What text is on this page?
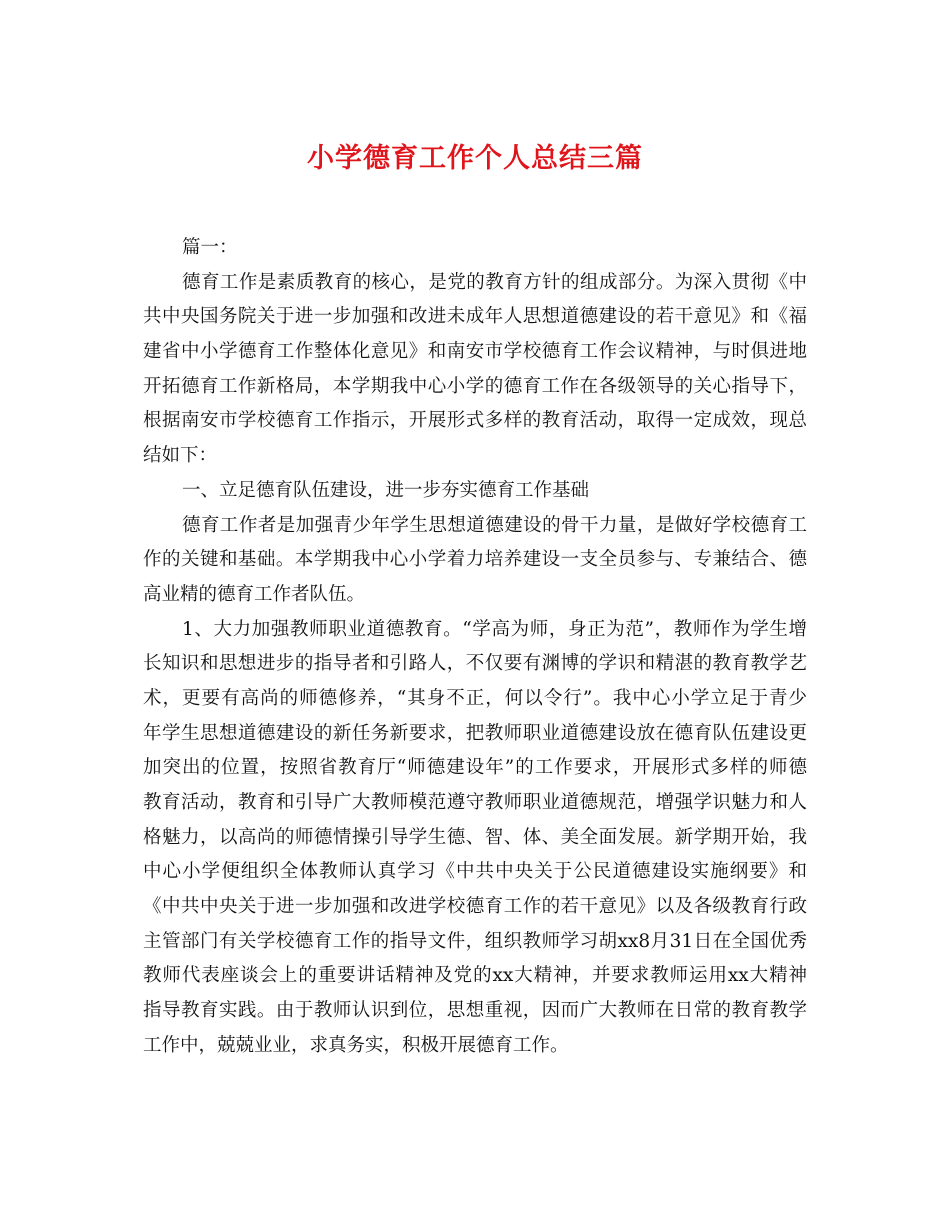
小学德育工作个人总结三篇
篇一：
德育工作是素质教育的核心，是党的教育方针的组成部分。为深入贯彻《中
共中央国务院关于进一步加强和改进未成年人思想道德建设的若干意见》和《福
建省中小学德育工作整体化意见》和南安市学校德育工作会议精神，与时俱进地
开拓德育工作新格局，本学期我中心小学的德育工作在各级领导的关心指导下，
根据南安市学校德育工作指示，开展形式多样的教育活动，取得一定成效，现总
结如下：
一、立足德育队伍建设，进一步夯实德育工作基础
德育工作者是加强青少年学生思想道德建设的骨干力量，是做好学校德育工
作的关键和基础。本学期我中心小学着力培养建设一支全员参与、专兼结合、德
高业精的德育工作者队伍。
1、大力加强教师职业道德教育。“学高为师，身正为范”，教师作为学生增
长知识和思想进步的指导者和引路人，不仅要有渊博的学识和精湛的教育教学艺
术，更要有高尚的师德修养，“其身不正，何以令行”。我中心小学立足于青少
年学生思想道德建设的新任务新要求，把教师职业道德建设放在德育队伍建设更
加突出的位置，按照省教育厅“师德建设年”的工作要求，开展形式多样的师德
教育活动，教育和引导广大教师模范遵守教师职业道德规范，增强学识魅力和人
格魅力，以高尚的师德情操引导学生德、智、体、美全面发展。新学期开始，我
中心小学便组织全体教师认真学习《中共中央关于公民道德建设实施纲要》和
《中共中央关于进一步加强和改进学校德育工作的若干意见》以及各级教育行政
主管部门有关学校德育工作的指导文件，组织教师学习胡xx8月31日在全国优秀
教师代表座谈会上的重要讲话精神及党的xx大精神，并要求教师运用xx大精神
指导教育实践。由于教师认识到位，思想重视，因而广大教师在日常的教育教学
工作中，兢兢业业，求真务实，积极开展德育工作。
